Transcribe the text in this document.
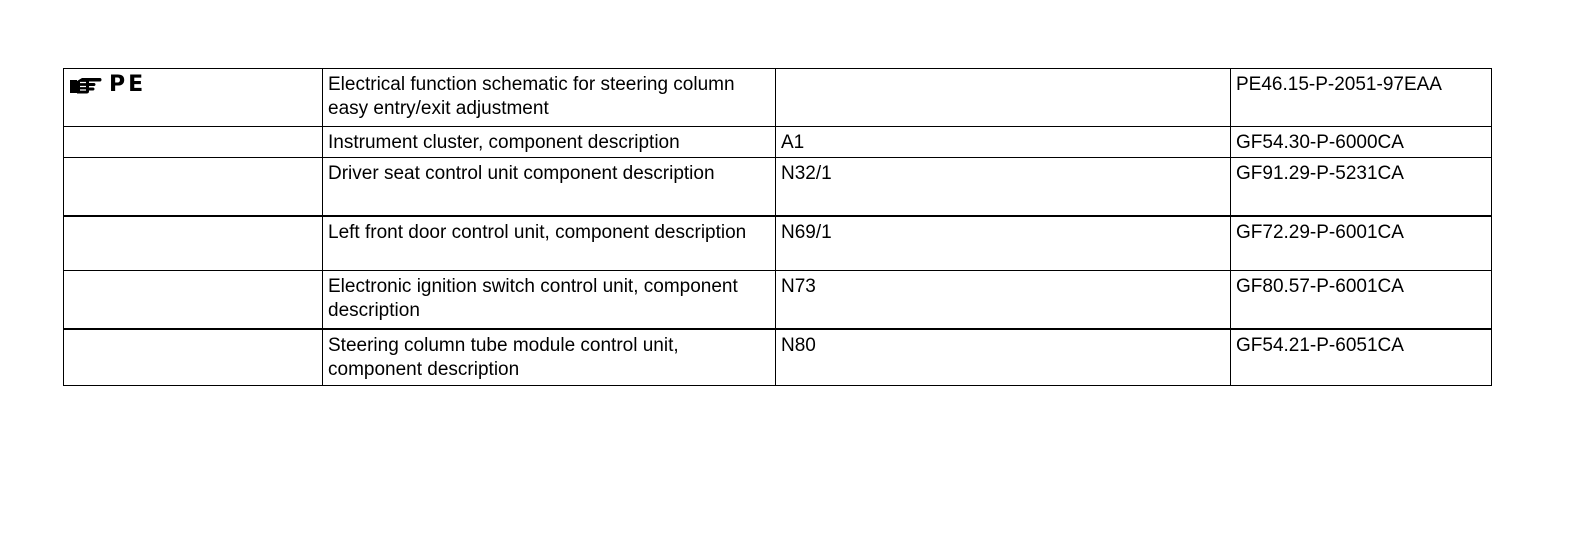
PE	Electrical function schematic for steering column easy entry/exit adjustment		PE46.15-P-2051-97EAA
	Instrument cluster, component description	A1	GF54.30-P-6000CA
	Driver seat control unit component description	N32/1	GF91.29-P-5231CA
	Left front door control unit, component description	N69/1	GF72.29-P-6001CA
	Electronic ignition switch control unit, component description	N73	GF80.57-P-6001CA
	Steering column tube module control unit, component description	N80	GF54.21-P-6051CA
